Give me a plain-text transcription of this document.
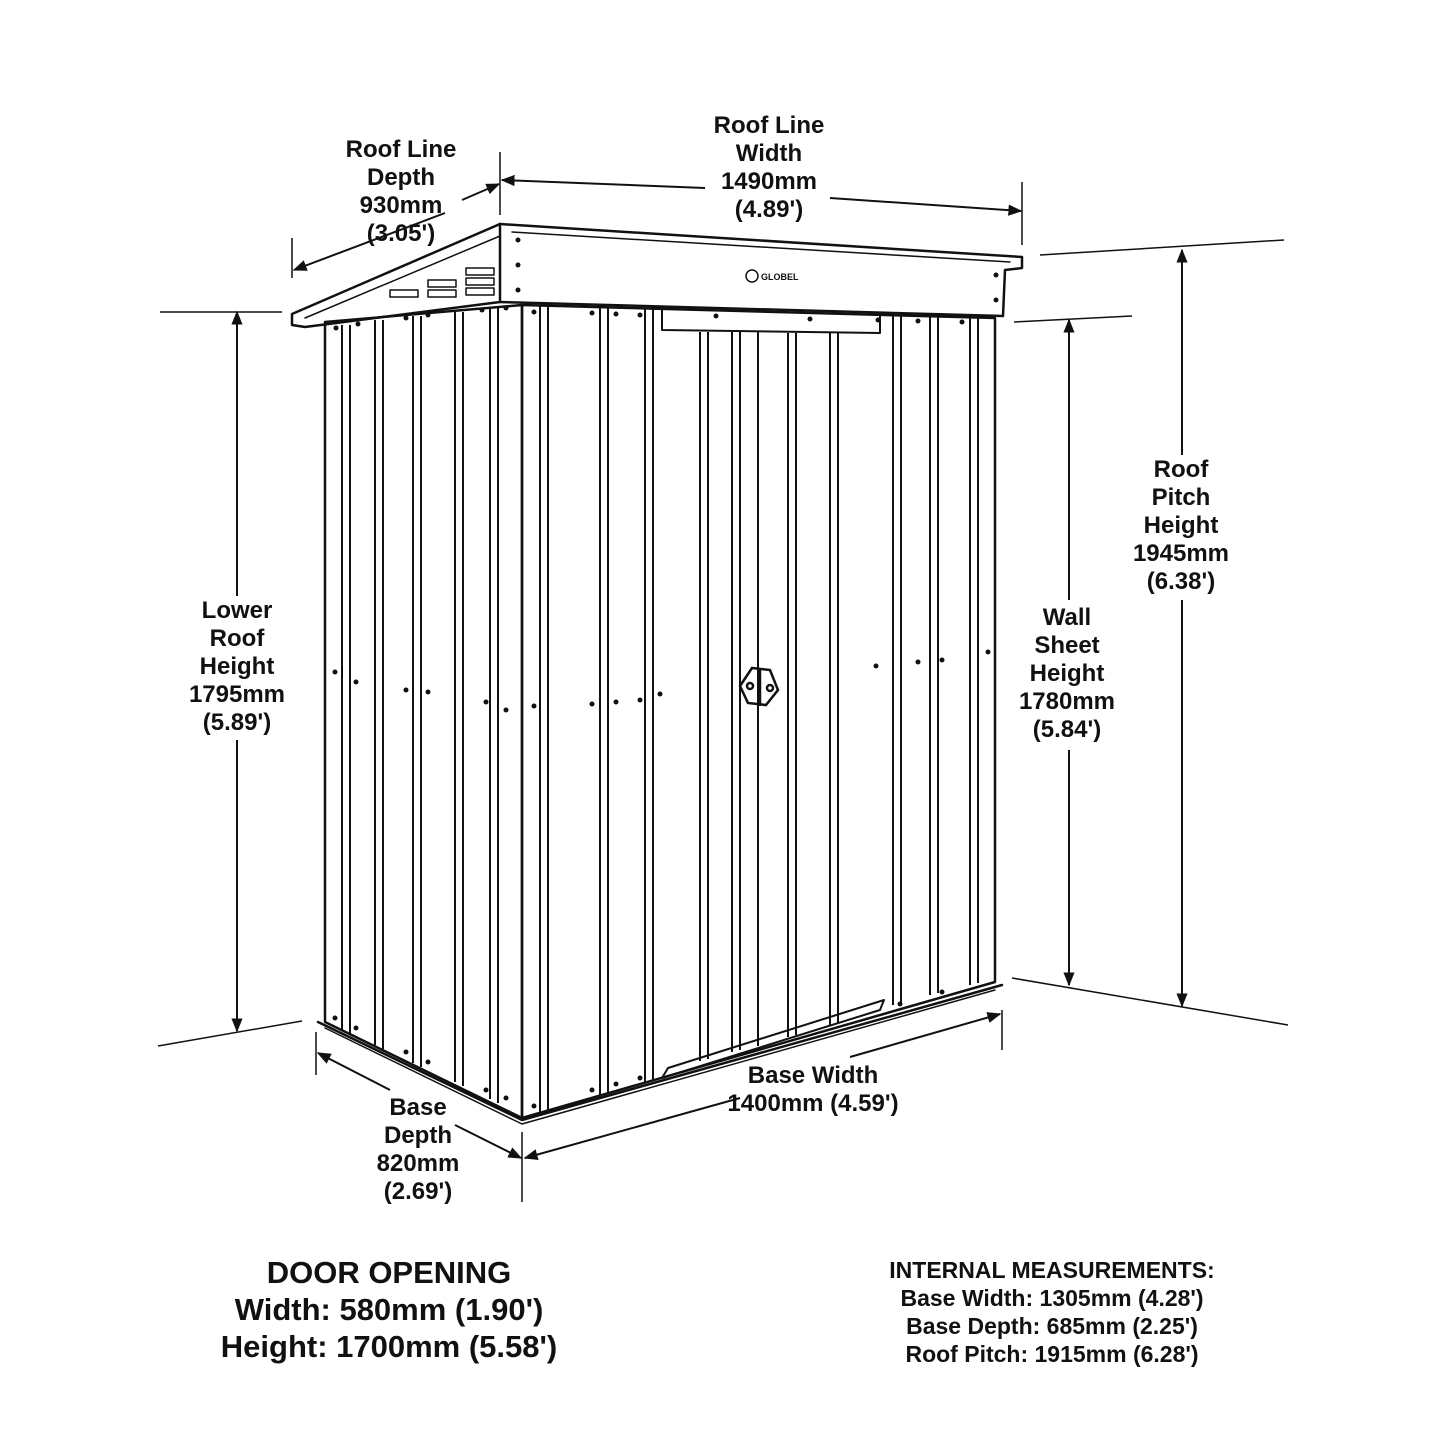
GLOBEL
Roof Line
Depth
930mm
(3.05')
Roof Line
Width
1490mm
(4.89')
Roof
Pitch
Height
1945mm
(6.38')
Lower
Roof
Height
1795mm
(5.89')
Wall
Sheet
Height
1780mm
(5.84')
Base Width
1400mm (4.59')
Base
Depth
820mm
(2.69')
DOOR OPENING
Width: 580mm (1.90')
Height: 1700mm (5.58')
INTERNAL MEASUREMENTS:
Base Width: 1305mm (4.28')
Base Depth: 685mm (2.25')
Roof Pitch: 1915mm (6.28')
